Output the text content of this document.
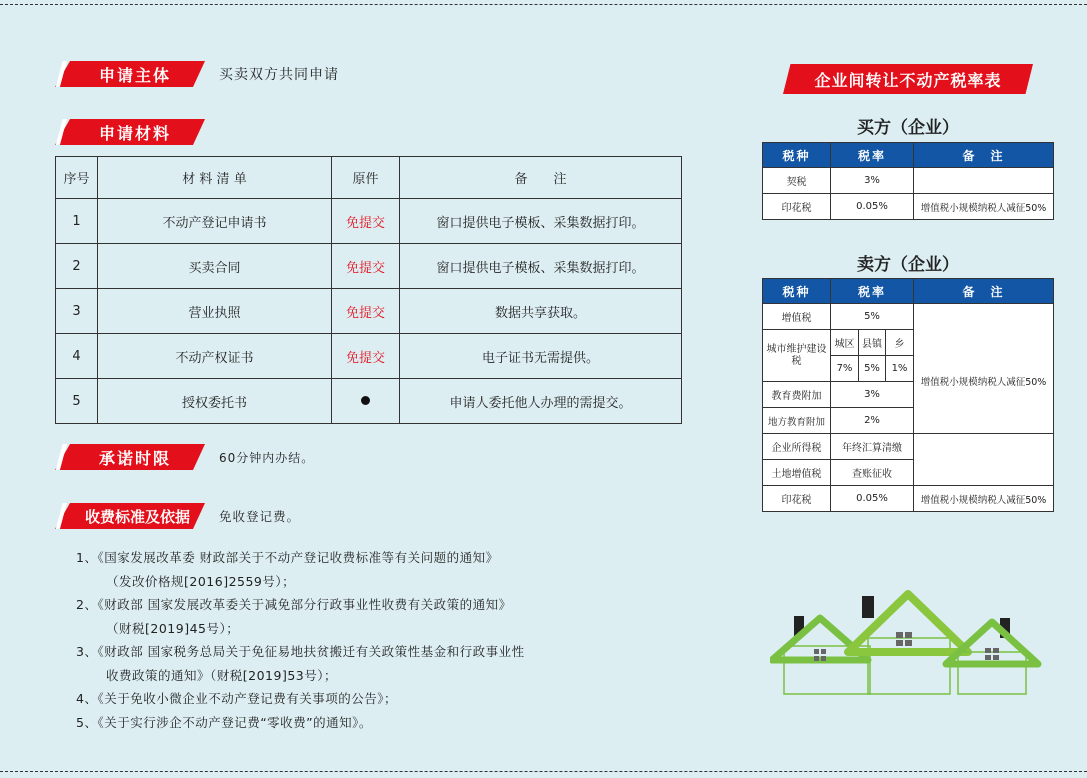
申请主体	买卖双方共同申请
申请材料
序号	材 料 清 单	原件	备　　注
1	不动产登记申请书	免提交	窗口提供电子模板、采集数据打印。
2	买卖合同	免提交	窗口提供电子模板、采集数据打印。
3	营业执照	免提交	数据共享获取。
4	不动产权证书	免提交	电子证书无需提供。
5	授权委托书		申请人委托他人办理的需提交。
承诺时限	60分钟内办结。
收费标准及依据 免收登记费。
1、《国家发展改革委 财政部关于不动产登记收费标准等有关问题的通知》
（发改价格规[2016]2559号）；
2、《财政部 国家发展改革委关于减免部分行政事业性收费有关政策的通知》
（财税[2019]45号）；
3、《财政部 国家税务总局关于免征易地扶贫搬迁有关政策性基金和行政事业性
收费政策的通知》（财税[2019]53号）；
4、《关于免收小微企业不动产登记费有关事项的公告》；
5、《关于实行涉企不动产登记费“零收费”的通知》。
企业间转让不动产税率表
买方（企业）
税种	税率	备　注
契税	3%	
印花税	0.05%	增值税小规模纳税人减征50%
卖方（企业）
税种	税率			备　注
增值税	5%			
城市维护建设税	城区	县镇	乡	增值税小规模纳税人减征50%
	7%	5%	1%	
教育费附加	3%			
地方教育附加	2%			
企业所得税	年终汇算清缴			
土地增值税	查账征收			
印花税	0.05%			增值税小规模纳税人减征50%
